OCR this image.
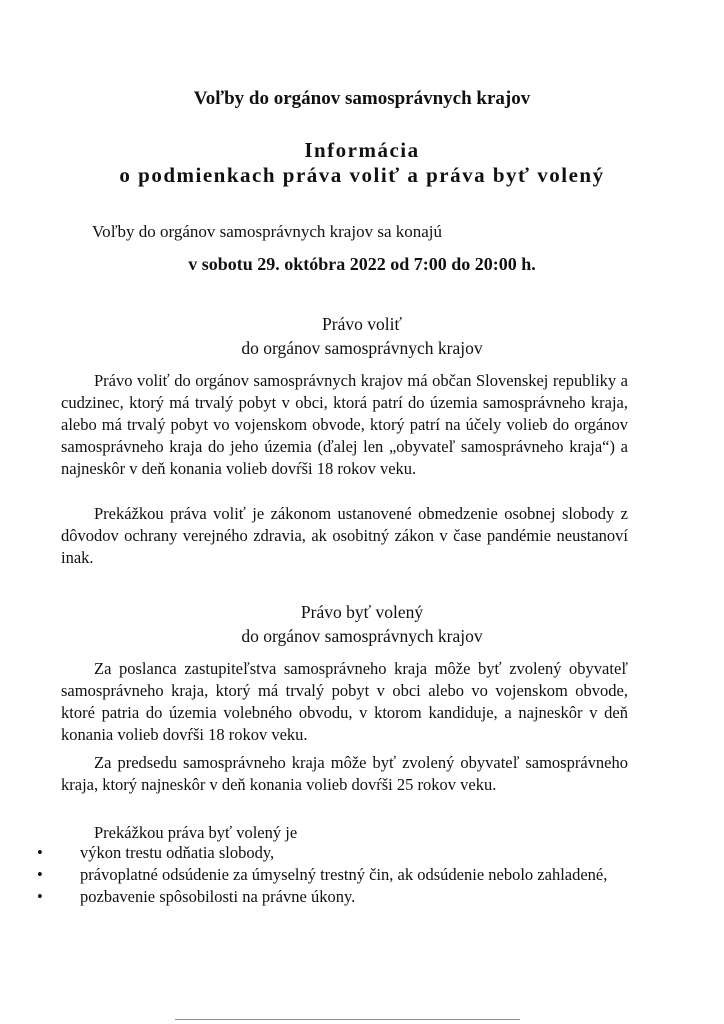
Voľby do orgánov samosprávnych krajov
Informácia
o podmienkach práva voliť a práva byť volený

Voľby do orgánov samosprávnych krajov sa konajú

v sobotu 29. októbra 2022 od 7:00 do 20:00 h.

Právo voliť
do orgánov samosprávnych krajov

Právo voliť do orgánov samosprávnych krajov má občan Slovenskej republiky a cudzinec, ktorý má trvalý pobyt v obci, ktorá patrí do územia samosprávneho kraja, alebo má trvalý pobyt vo vojenskom obvode, ktorý patrí na účely volieb do orgánov samosprávneho kraja do jeho územia (ďalej len „obyvateľ samosprávneho kraja“) a najneskôr v deň konania volieb dovŕši 18 rokov veku.

Prekážkou práva voliť je zákonom ustanovené obmedzenie osobnej slobody z dôvodov ochrany verejného zdravia, ak osobitný zákon v čase pandémie neustanoví inak.

Právo byť volený
do orgánov samosprávnych krajov

Za poslanca zastupiteľstva samosprávneho kraja môže byť zvolený obyvateľ samosprávneho kraja, ktorý má trvalý pobyt v obci alebo vo vojenskom obvode, ktoré patria do územia volebného obvodu, v ktorom kandiduje, a najneskôr v deň konania volieb dovŕši 18 rokov veku.

Za predsedu samosprávneho kraja môže byť zvolený obyvateľ samosprávneho kraja, ktorý najneskôr v deň konania volieb dovŕši 25 rokov veku.

Prekážkou práva byť volený je

• výkon trestu odňatia slobody,
• právoplatné odsúdenie za úmyselný trestný čin, ak odsúdenie nebolo zahladené,
• pozbavenie spôsobilosti na právne úkony.
